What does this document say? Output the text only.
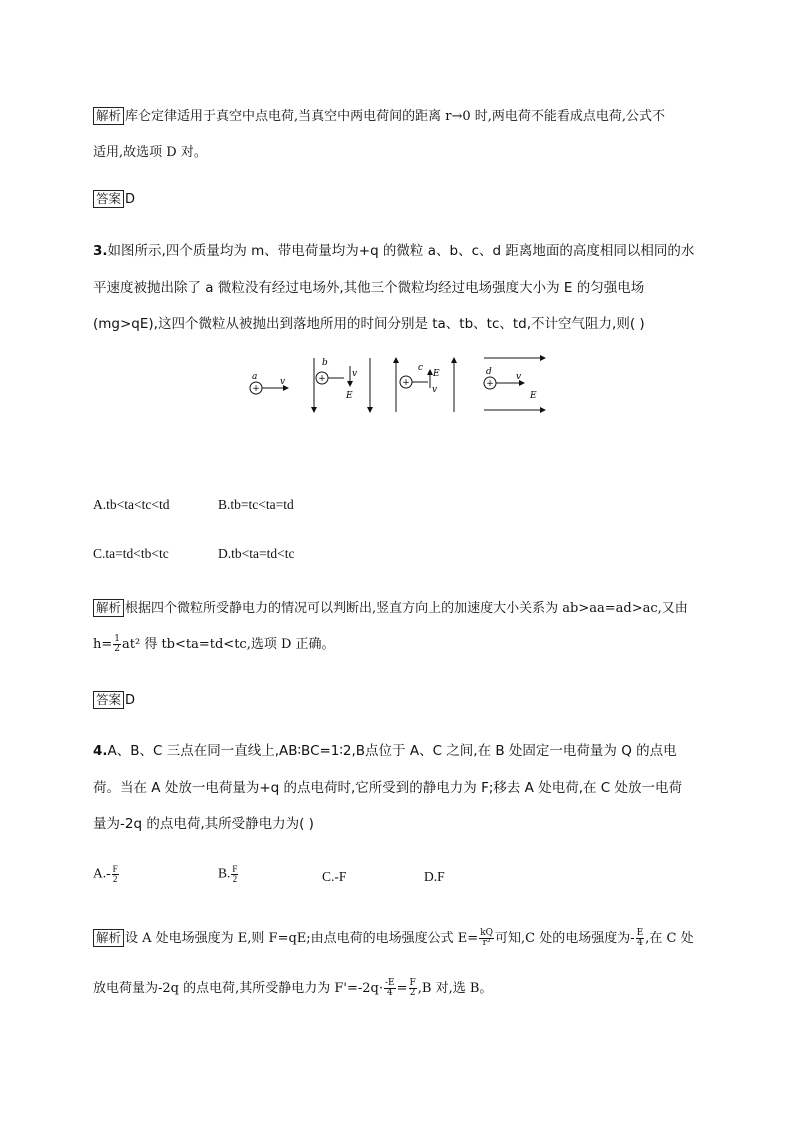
解析 库仑定律适用于真空中点电荷,当真空中两电荷间的距离 r→0 时,两电荷不能看成点电荷,公式不
适用,故选项 D 对。
答案 D
3.如图所示,四个质量均为 m、带电荷量均为+q 的微粒 a、b、c、d 距离地面的高度相同以相同的水
平速度被抛出除了 a 微粒没有经过电场外,其他三个微粒均经过电场强度大小为 E 的匀强电场
(mg>qE),这四个微粒从被抛出到落地所用的时间分别是 ta、tb、tc、td,不计空气阻力,则( )
+
a	v	+
b
v
E
+
c
E
v
+
d	v
E
A.tb<ta<tc<td	B.tb=tc<ta=td
C.ta=td<tb<tc	D.tb<ta=td<tc
解析 根据四个微粒所受静电力的情况可以判断出,竖直方向上的加速度大小关系为 ab>aa=ad>ac,又由
$h= \frac{1}{2} at^2$ 得 tb<ta=td<tc,选项 D 正确。
答案 D
4.A、B、C 三点在同一直线上,AB∶BC=1∶2,B点位于 A、C 之间,在 B 处固定一电荷量为 Q 的点电
荷。当在 A 处放一电荷量为+q 的点电荷时,它所受到的静电力为 F;移去 A 处电荷,在 C 处放一电荷
量为-2q 的点电荷,其所受静电力为( )
$A.- \frac{F}{2}$	B. $\frac{F}{2}$	C.-F	D.F
解析 设 A 处电场强度为 E,则 F=qE;由点电荷的电场强度公式 $E= \frac{kQ}{\text{r²}}$ 可知,C 处的电场强度为- $\frac{E}{4}$ ,在 C 处
放电荷量为-2q 的点电荷,其所受静电力为 $F'=-2q\cdot \frac{-E}{4} = \frac{F}{2} ,B$ 对,选 B。
